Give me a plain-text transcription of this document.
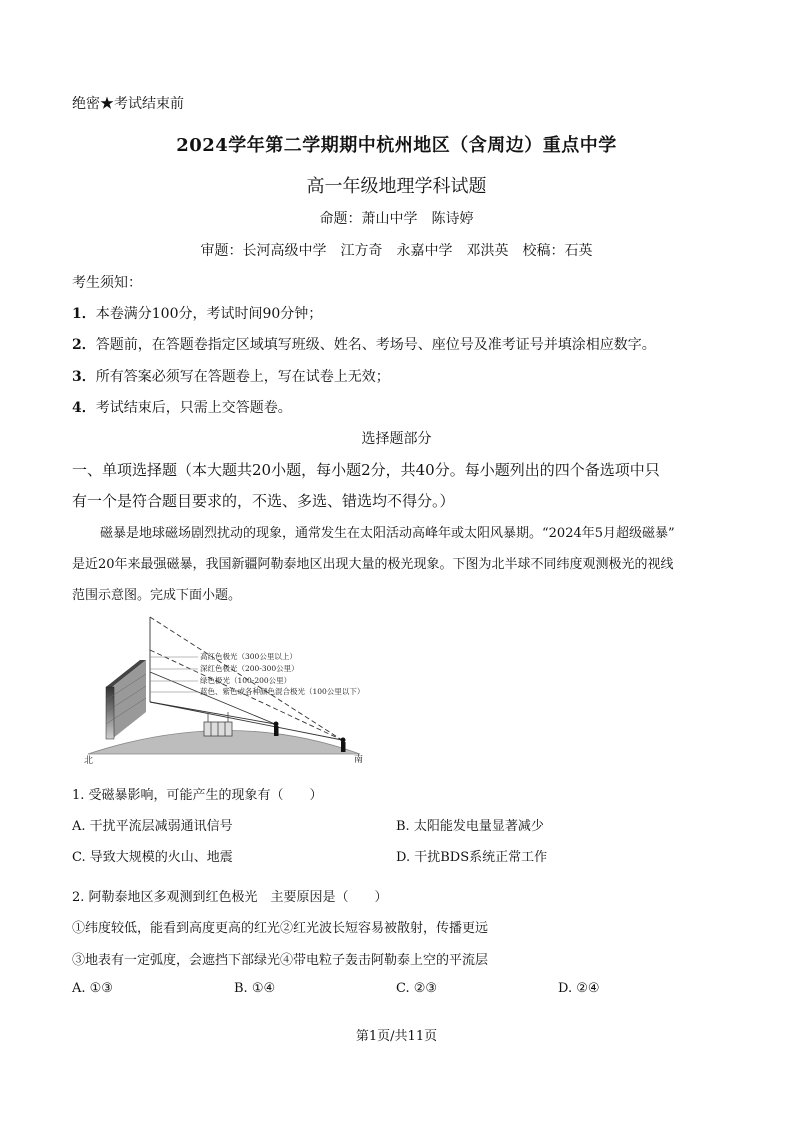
绝密★考试结束前
2024学年第二学期期中杭州地区（含周边）重点中学
高一年级地理学科试题
命题：萧山中学　陈诗婷
审题：长河高级中学　江方奇　永嘉中学　邓洪英　校稿：石英
考生须知：
1．本卷满分100分，考试时间90分钟；
2．答题前，在答题卷指定区域填写班级、姓名、考场号、座位号及准考证号并填涂相应数字。
3．所有答案必须写在答题卷上，写在试卷上无效；
4．考试结束后，只需上交答题卷。
选择题部分
一、单项选择题（本大题共20小题，每小题2分，共40分。每小题列出的四个备选项中只
有一个是符合题目要求的，不选、多选、错选均不得分。）
磁暴是地球磁场剧烈扰动的现象，通常发生在太阳活动高峰年或太阳风暴期。“2024年5月超级磁暴”
是近20年来最强磁暴，我国新疆阿勒泰地区出现大量的极光现象。下图为北半球不同纬度观测极光的视线
范围示意图。完成下面小题。
高红色极光（300公里以上）
深红色极光（200-300公里）
绿色极光（100-200公里）
蓝色、紫色或各种颜色混合极光（100公里以下）
北	南
1. 受磁暴影响，可能产生的现象有（　　）
A. 干扰平流层减弱通讯信号	B. 太阳能发电量显著减少
C. 导致大规模的火山、地震	D. 干扰BDS系统正常工作
2. 阿勒泰地区多观测到红色极光　主要原因是（　　）
①纬度较低，能看到高度更高的红光②红光波长短容易被散射，传播更远
③地表有一定弧度，会遮挡下部绿光④带电粒子轰击阿勒泰上空的平流层
A. ①③	B. ①④	C. ②③	D. ②④
第1页/共11页
